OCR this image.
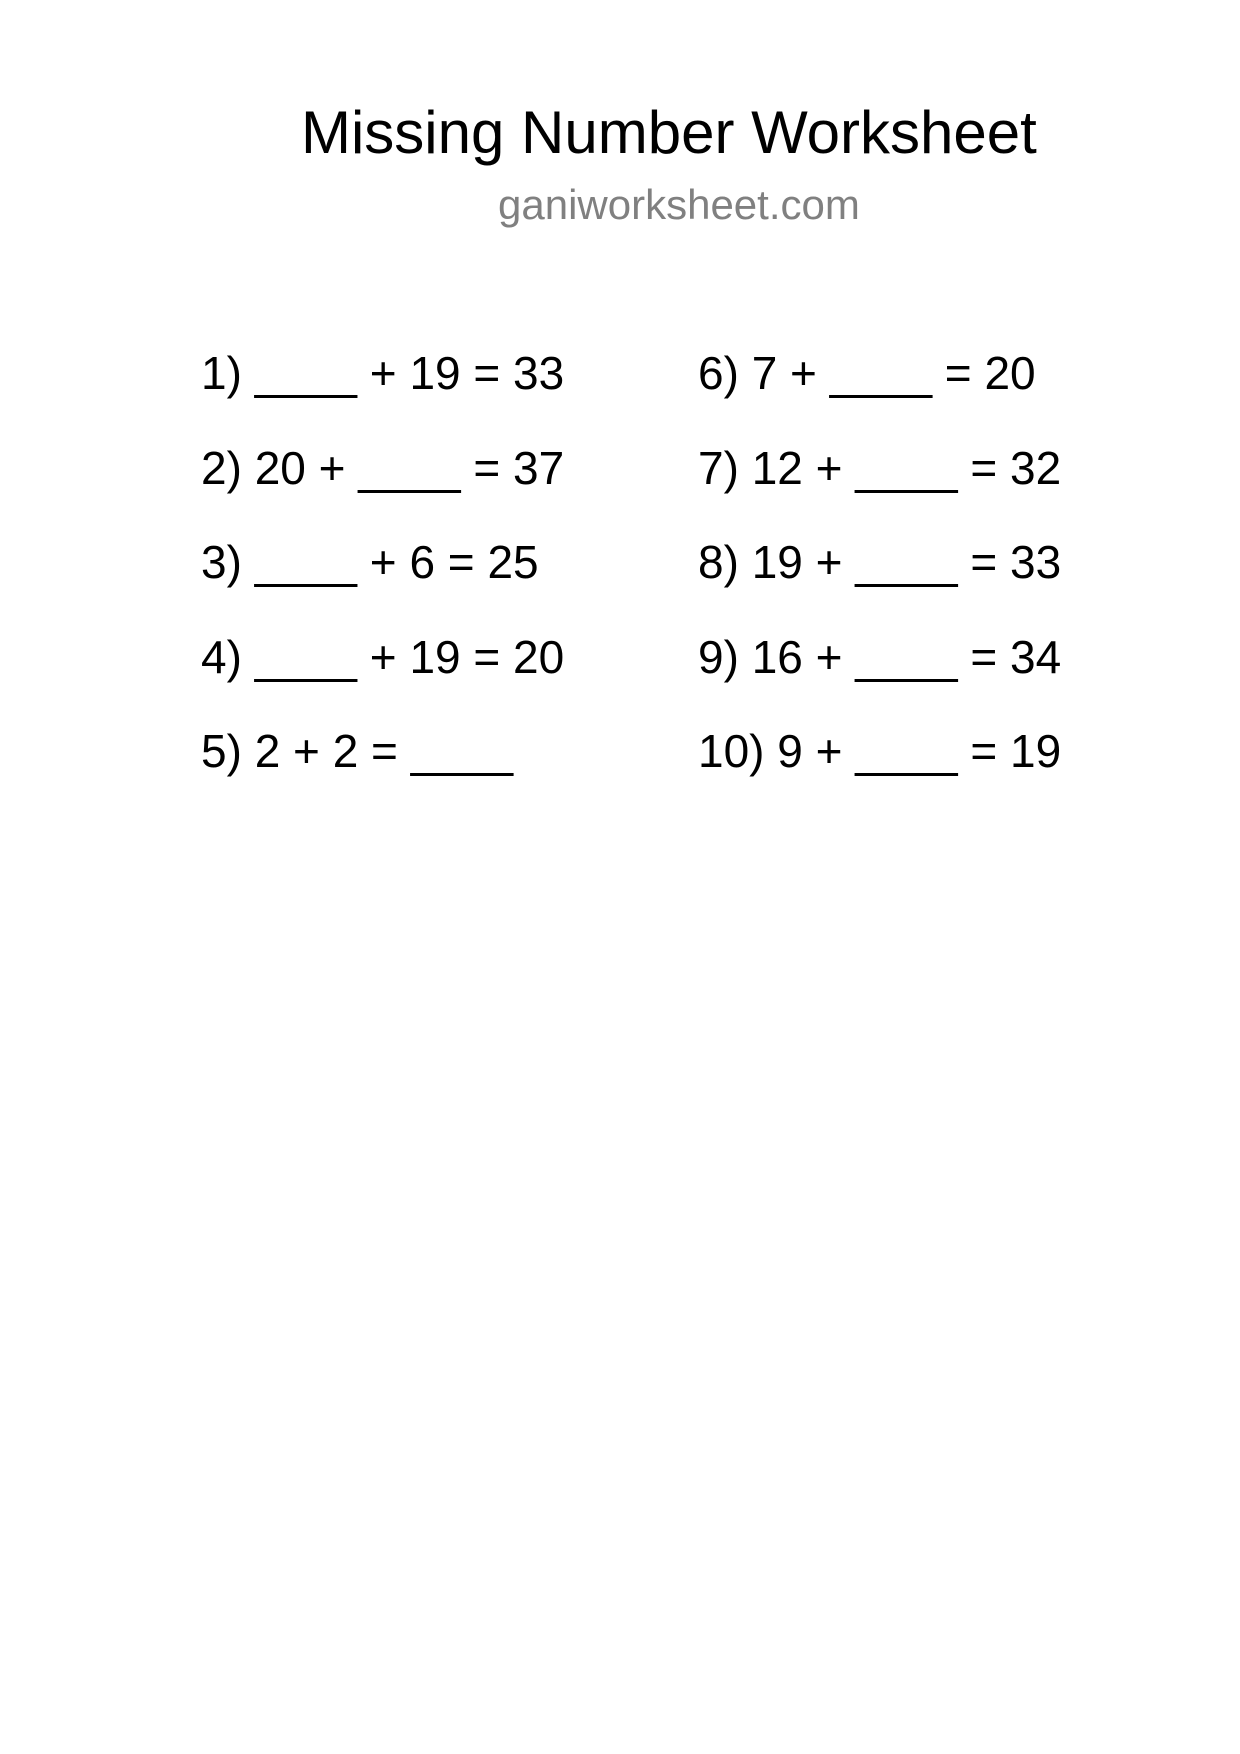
Missing Number Worksheet
ganiworksheet.com
1) ____ + 19 = 33
2) 20 + ____ = 37
3) ____ + 6 = 25
4) ____ + 19 = 20
5) 2 + 2 = ____
6) 7 + ____ = 20
7) 12 + ____ = 32
8) 19 + ____ = 33
9) 16 + ____ = 34
10) 9 + ____ = 19
